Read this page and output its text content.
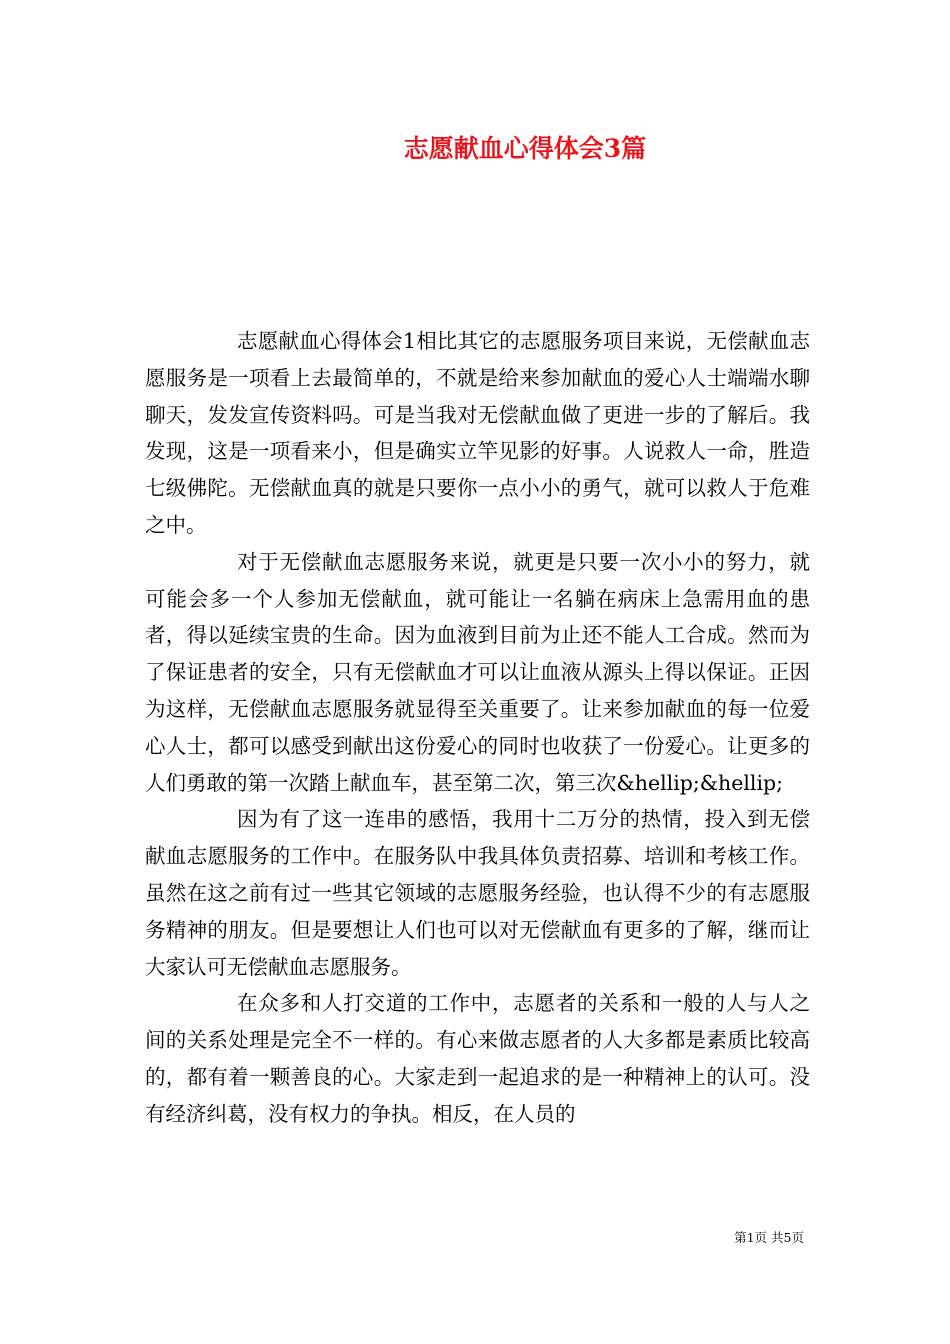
志愿献血心得体会3篇

志愿献血心得体会1相比其它的志愿服务项目来说，无偿献血志愿服务是一项看上去最简单的，不就是给来参加献血的爱心人士端端水聊聊天，发发宣传资料吗。可是当我对无偿献血做了更进一步的了解后。我发现，这是一项看来小，但是确实立竿见影的好事。人说救人一命，胜造七级佛陀。无偿献血真的就是只要你一点小小的勇气，就可以救人于危难之中。

对于无偿献血志愿服务来说，就更是只要一次小小的努力，就可能会多一个人参加无偿献血，就可能让一名躺在病床上急需用血的患者，得以延续宝贵的生命。因为血液到目前为止还不能人工合成。然而为了保证患者的安全，只有无偿献血才可以让血液从源头上得以保证。正因为这样，无偿献血志愿服务就显得至关重要了。让来参加献血的每一位爱心人士，都可以感受到献出这份爱心的同时也收获了一份爱心。让更多的人们勇敢的第一次踏上献血车，甚至第二次，第三次&hellip;&hellip;

因为有了这一连串的感悟，我用十二万分的热情，投入到无偿献血志愿服务的工作中。在服务队中我具体负责招募、培训和考核工作。虽然在这之前有过一些其它领域的志愿服务经验，也认得不少的有志愿服务精神的朋友。但是要想让人们也可以对无偿献血有更多的了解，继而让大家认可无偿献血志愿服务。

在众多和人打交道的工作中，志愿者的关系和一般的人与人之间的关系处理是完全不一样的。有心来做志愿者的人大多都是素质比较高的，都有着一颗善良的心。大家走到一起追求的是一种精神上的认可。没有经济纠葛，没有权力的争执。相反，在人员的

第1页 共5页
